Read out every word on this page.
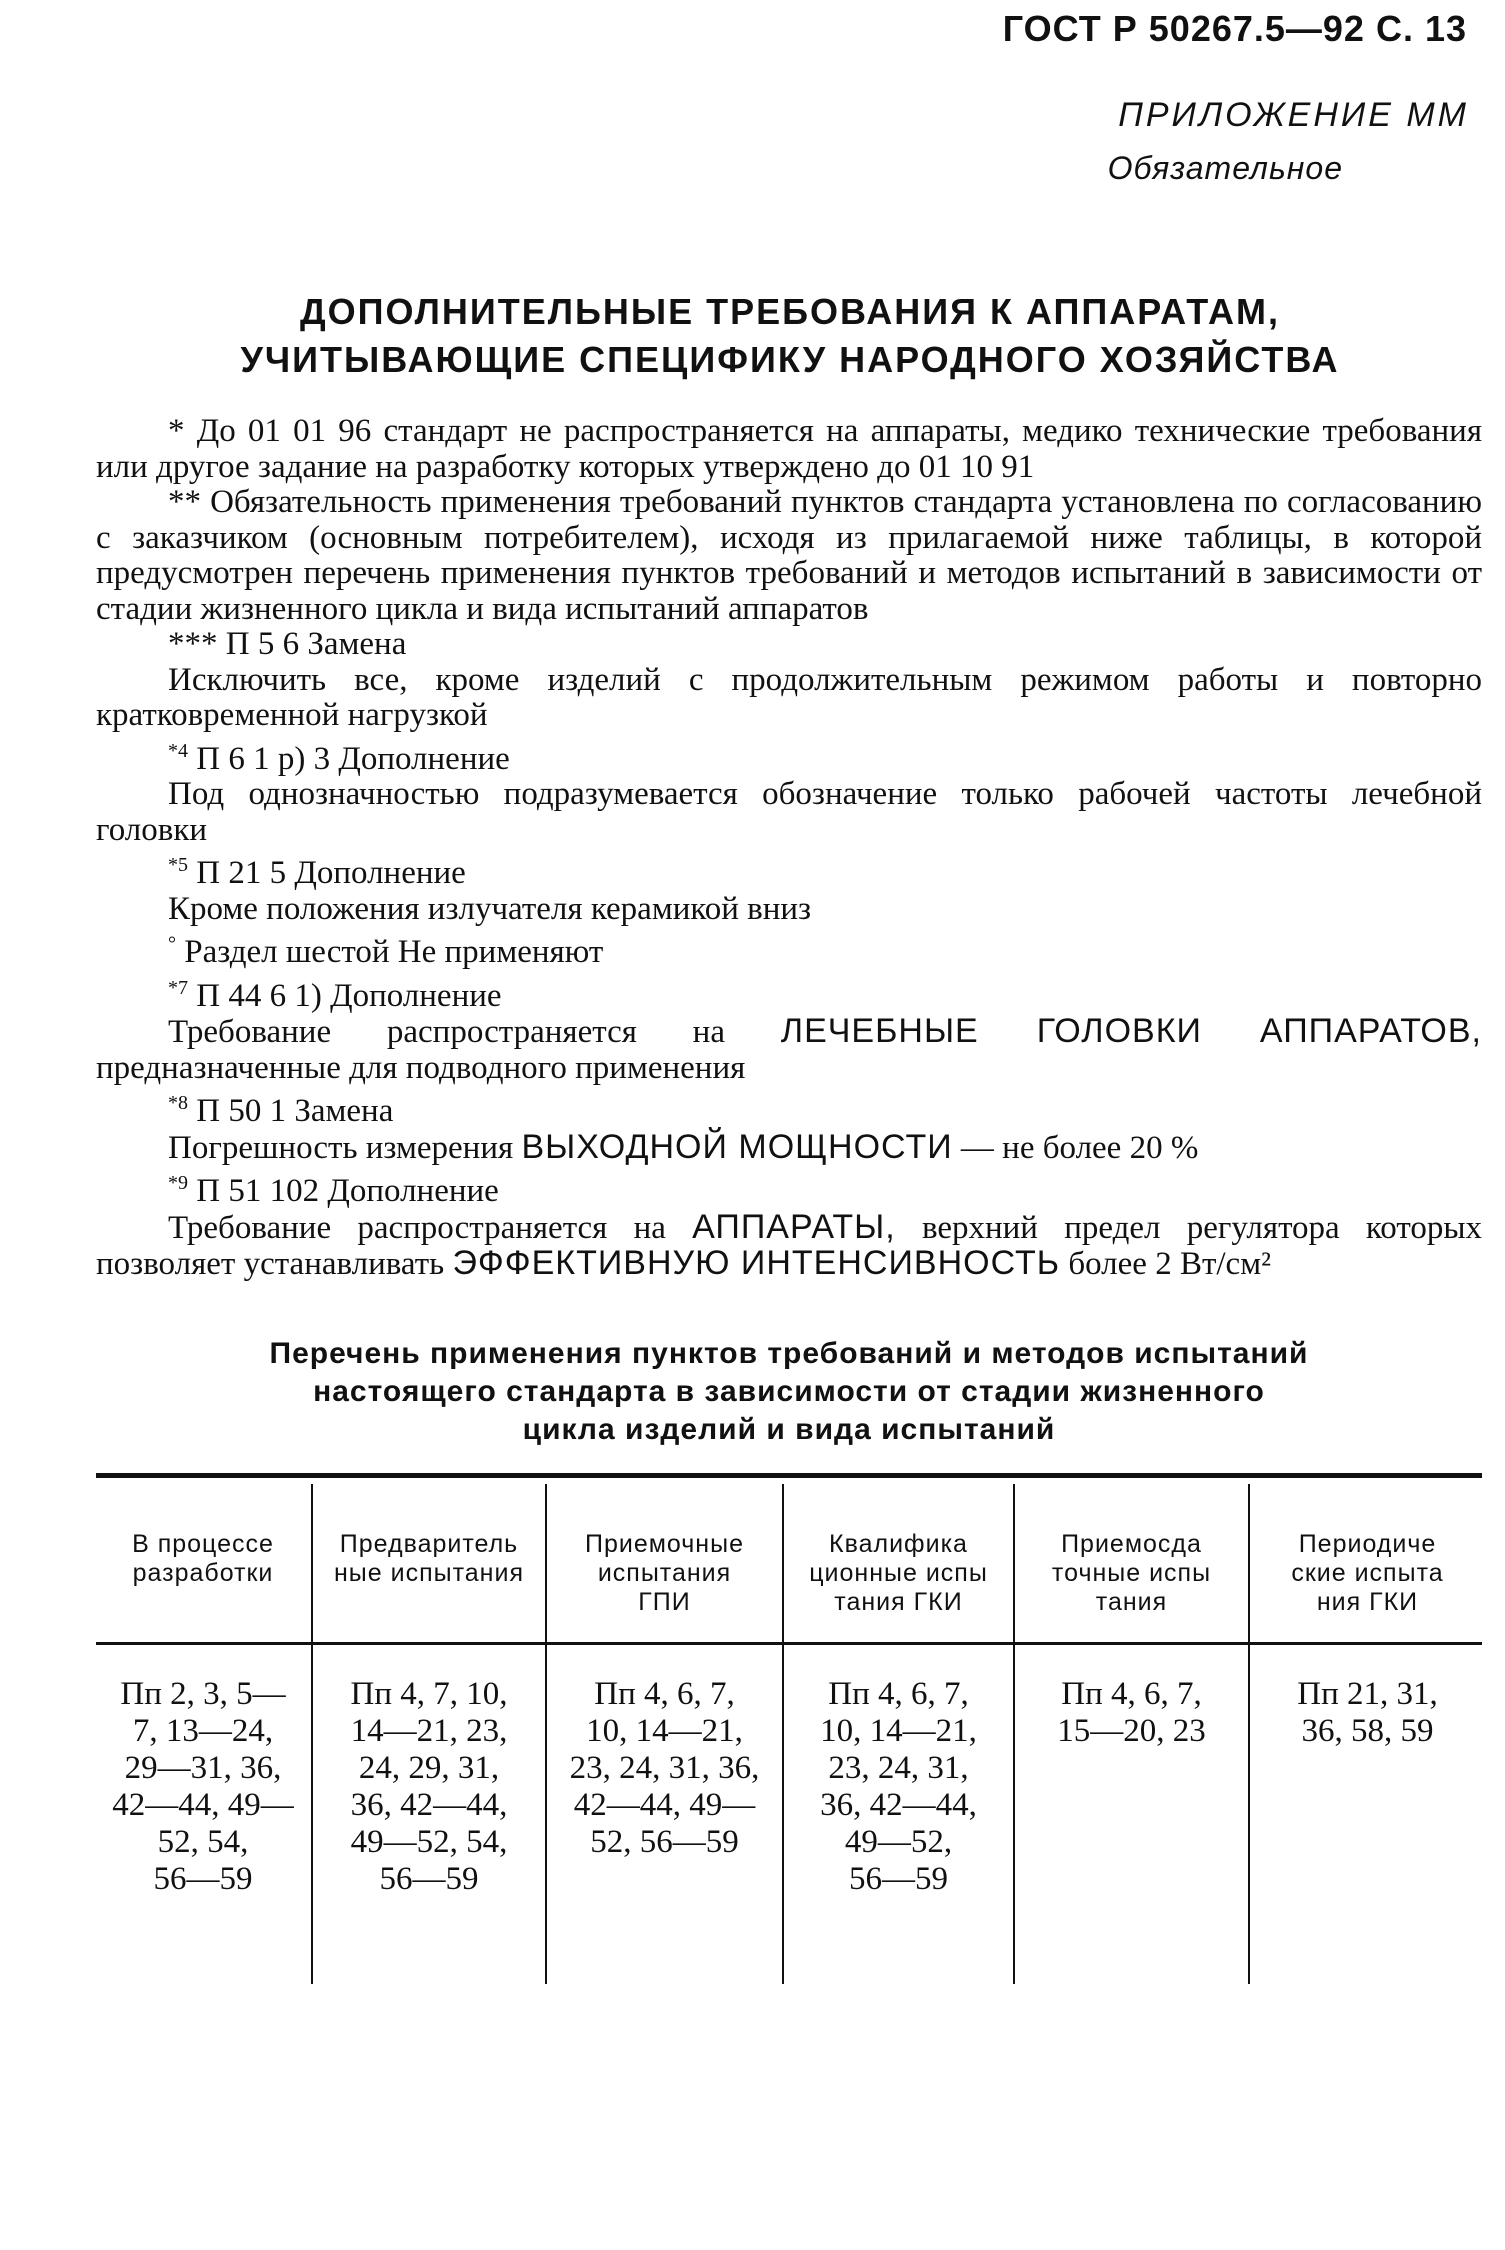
ГОСТ Р 50267.5—92 С. 13
ПРИЛОЖЕНИЕ ММ
Обязательное
ДОПОЛНИТЕЛЬНЫЕ ТРЕБОВАНИЯ К АППАРАТАМ,
УЧИТЫВАЮЩИЕ СПЕЦИФИКУ НАРОДНОГО ХОЗЯЙСТВА

* До 01 01 96 стандарт не распространяется на аппараты, медико технические требования или другое задание на разработку которых утверждено до 01 10 91

** Обязательность применения требований пунктов стандарта установлена по согласованию с заказчиком (основным потребителем), исходя из прилагаемой ниже таблицы, в которой предусмотрен перечень применения пунктов требований и методов испытаний в зависимости от стадии жизненного цикла и вида испытаний аппаратов

*** П 5 6 Замена

Исключить все, кроме изделий с продолжительным режимом работы и повторно кратковременной нагрузкой

$^{*4}$ П 6 1 р) 3 Дополнение

Под однозначностью подразумевается обозначение только рабочей частоты лечебной головки

$^{*5}$ П 21 5 Дополнение

Кроме положения излучателя керамикой вниз

° Раздел шестой Не применяют

$^{*7}$ П 44 6 1) Дополнение

Требование распространяется на ЛЕЧЕБНЫЕ ГОЛОВКИ АППАРАТОВ, предназначенные для подводного применения

$^{*8}$ П 50 1 Замена

Погрешность измерения ВЫХОДНОЙ МОЩНОСТИ — не более 20 %

$^{*9}$ П 51 102 Дополнение

Требование распространяется на АППАРАТЫ, верхний предел регулятора которых позволяет устанавливать ЭФФЕКТИВНУЮ ИНТЕНСИВНОСТЬ более 2 Вт/см²

Перечень применения пунктов требований и методов испытаний
настоящего стандарта в зависимости от стадии жизненного
цикла изделий и вида испытаний
В процессе
разработки
Пп 2, 3, 5—
7, 13—24,
29—31, 36,
42—44, 49—
52, 54,
56—59
Предваритель
ные испытания
Пп 4, 7, 10,
14—21, 23,
24, 29, 31,
36, 42—44,
49—52, 54,
56—59
Приемочные
испытания
ГПИ
Пп 4, 6, 7,
10, 14—21,
23, 24, 31, 36,
42—44, 49—
52, 56—59
Квалифика
ционные испы
тания ГКИ
Пп 4, 6, 7,
10, 14—21,
23, 24, 31,
36, 42—44,
49—52,
56—59
Приемосда
точные испы
тания
Пп 4, 6, 7,
15—20, 23
Периодиче
ские испыта
ния ГКИ
Пп 21, 31,
36, 58, 59
